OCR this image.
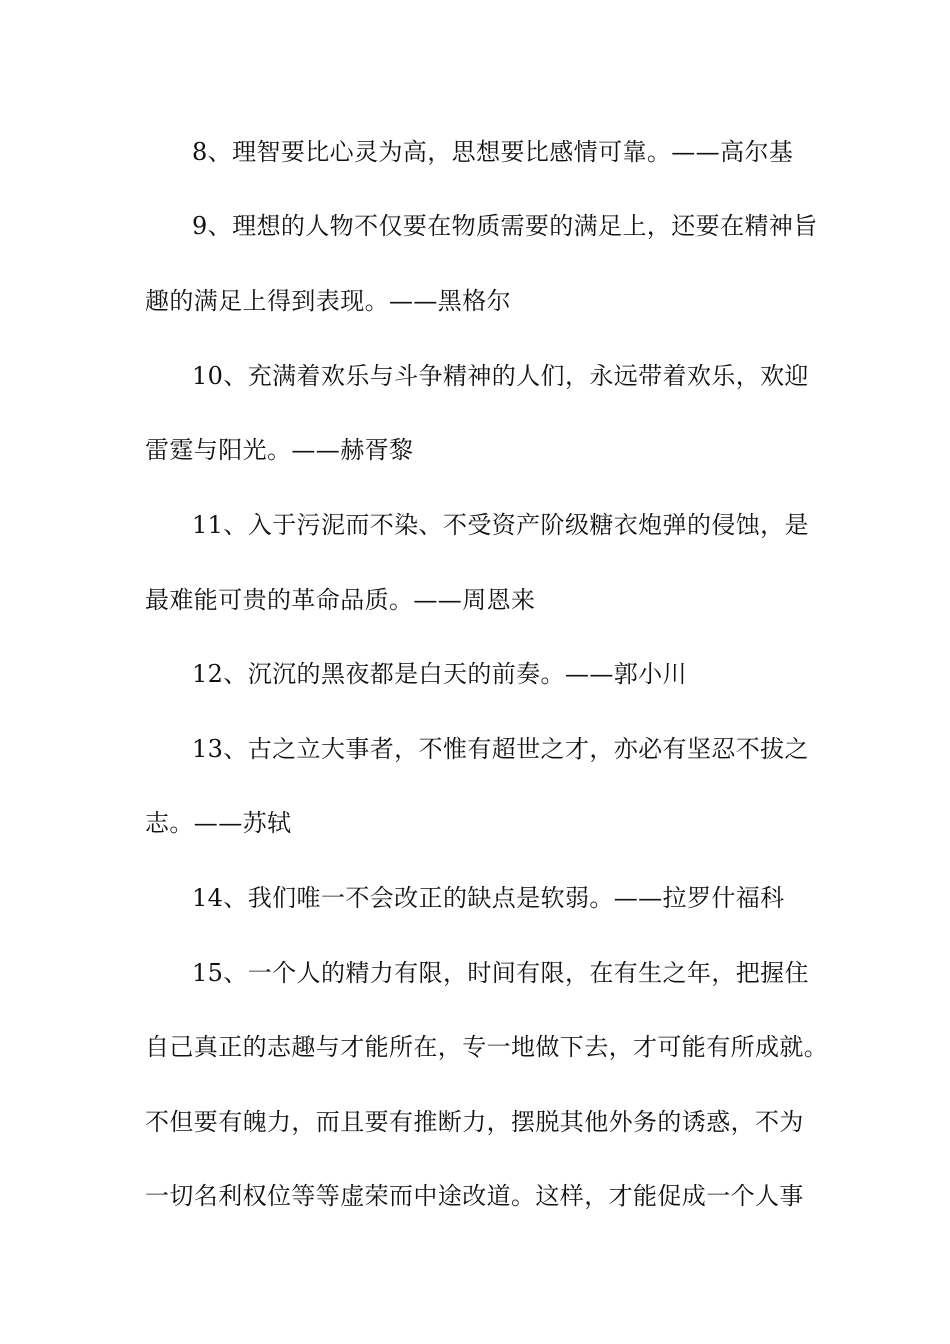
8、理智要比心灵为高，思想要比感情可靠。——高尔基
9、理想的人物不仅要在物质需要的满足上，还要在精神旨
趣的满足上得到表现。——黑格尔
10、充满着欢乐与斗争精神的人们，永远带着欢乐，欢迎
雷霆与阳光。——赫胥黎
11、入于污泥而不染、不受资产阶级糖衣炮弹的侵蚀，是
最难能可贵的革命品质。——周恩来
12、沉沉的黑夜都是白天的前奏。——郭小川
13、古之立大事者，不惟有超世之才，亦必有坚忍不拔之
志。——苏轼
14、我们唯一不会改正的缺点是软弱。——拉罗什福科
15、一个人的精力有限，时间有限，在有生之年，把握住
自己真正的志趣与才能所在，专一地做下去，才可能有所成就。
不但要有魄力，而且要有推断力，摆脱其他外务的诱惑，不为
一切名利权位等等虚荣而中途改道。这样，才能促成一个人事
